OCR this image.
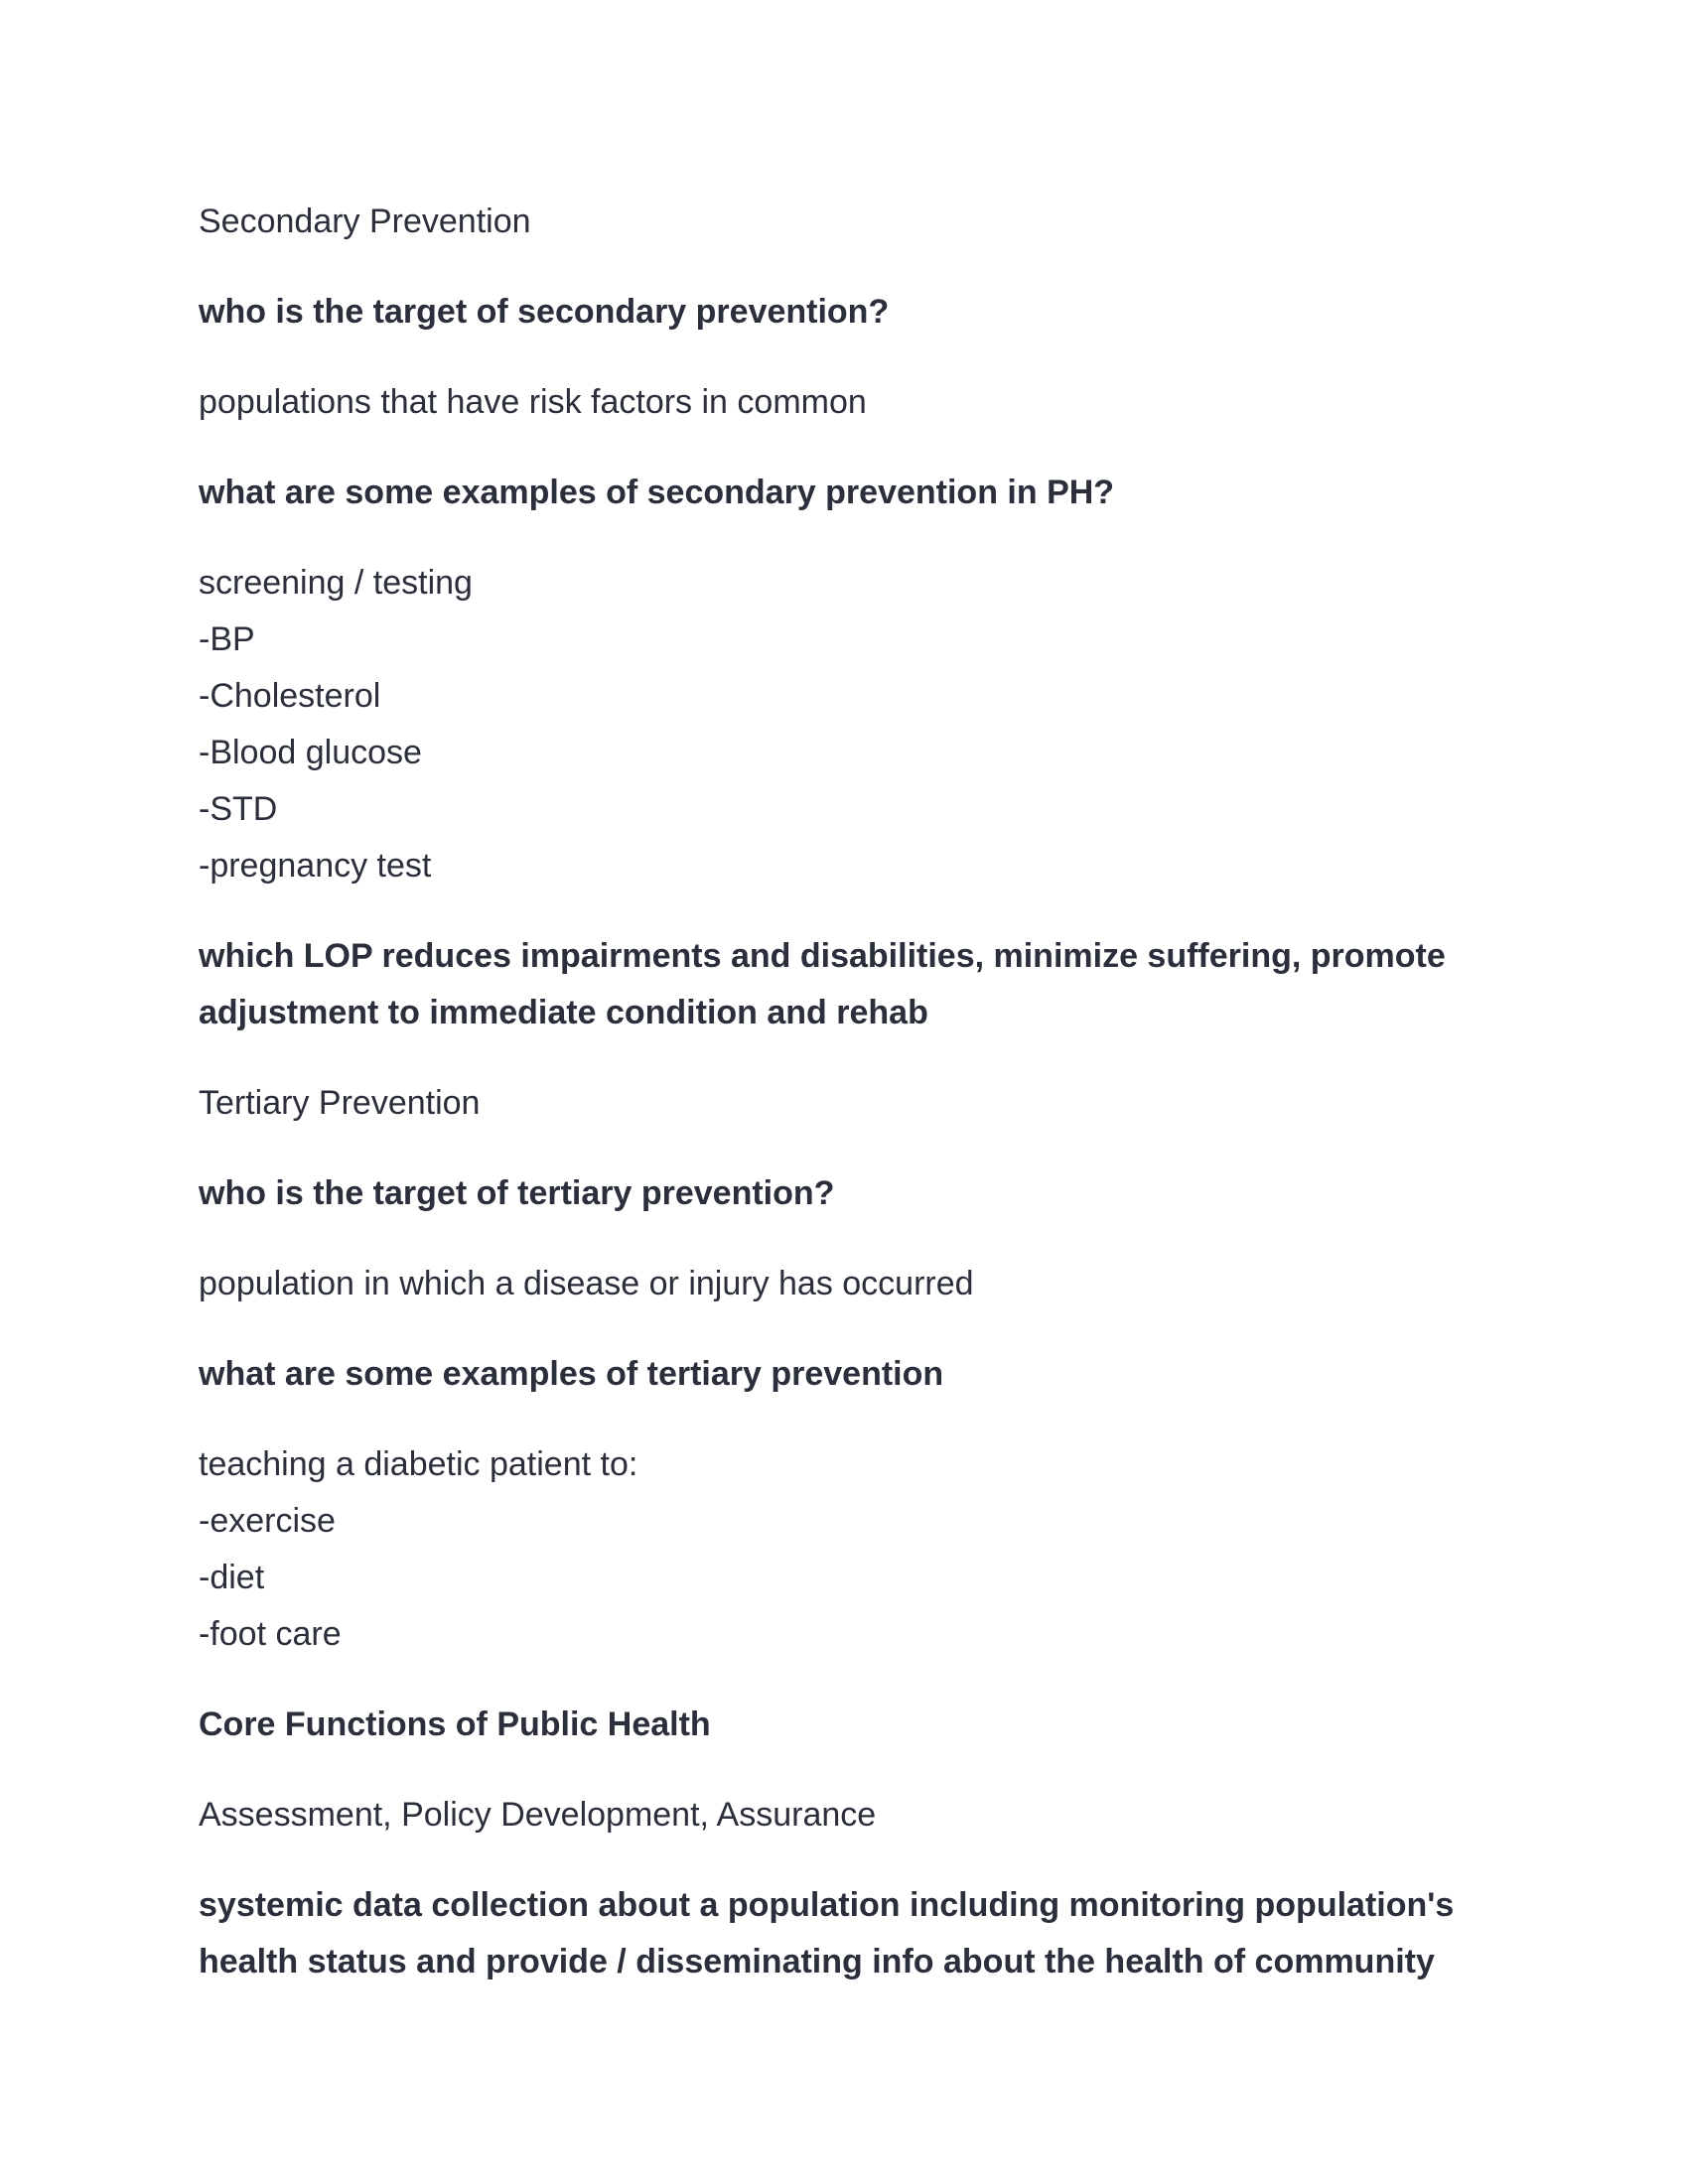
Secondary Prevention

who is the target of secondary prevention?

populations that have risk factors in common

what are some examples of secondary prevention in PH?

screening / testing

-BP

-Cholesterol

-Blood glucose

-STD

-pregnancy test

which LOP reduces impairments and disabilities, minimize suffering, promote

adjustment to immediate condition and rehab

Tertiary Prevention

who is the target of tertiary prevention?

population in which a disease or injury has occurred

what are some examples of tertiary prevention

teaching a diabetic patient to:

-exercise

-diet

-foot care

Core Functions of Public Health

Assessment, Policy Development, Assurance

systemic data collection about a population including monitoring population's

health status and provide / disseminating info about the health of community
